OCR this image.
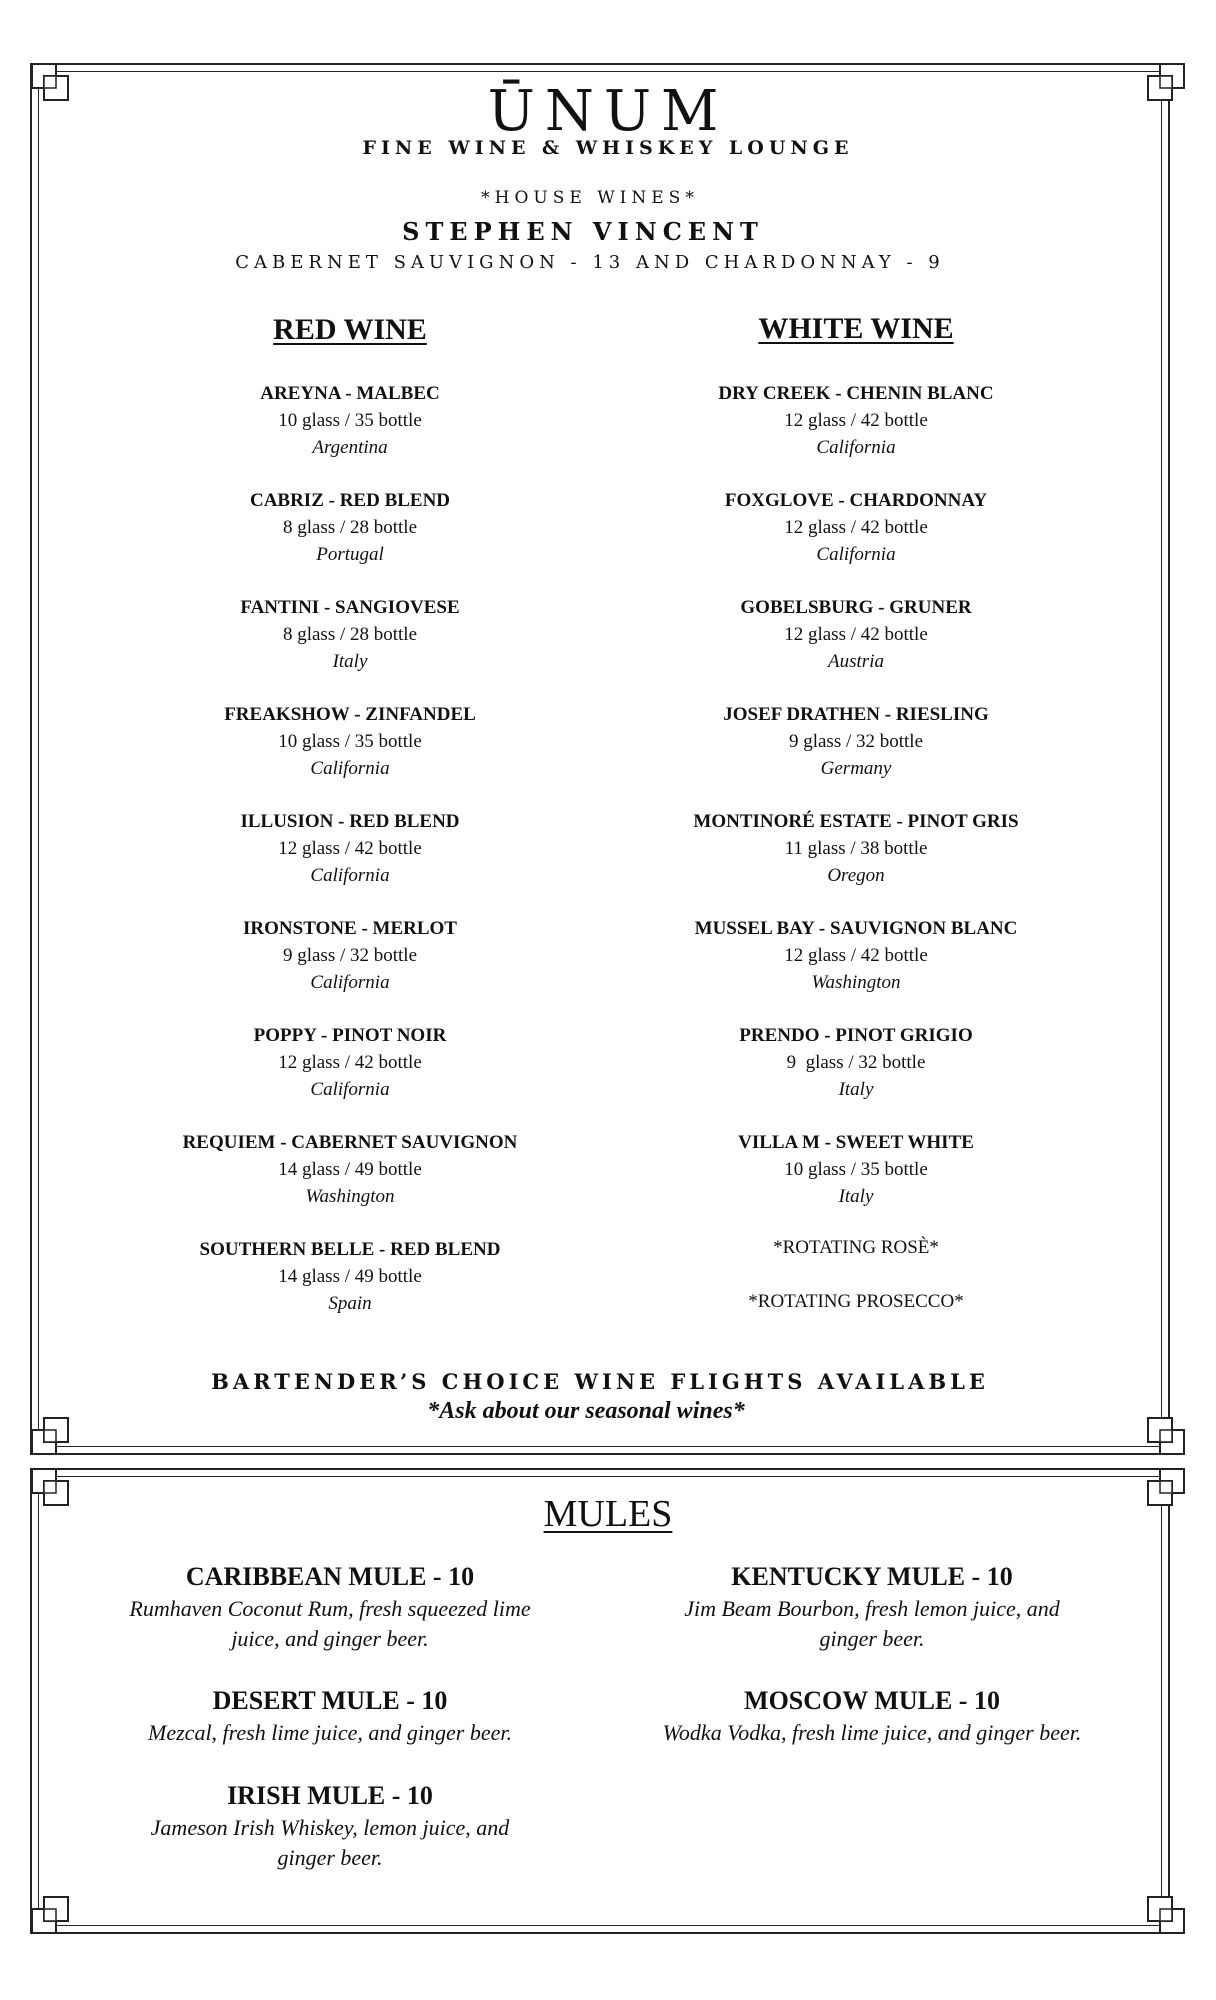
ŪNUM
FINE WINE & WHISKEY LOUNGE
*HOUSE WINES*
STEPHEN VINCENT
CABERNET SAUVIGNON - 13 AND CHARDONNAY - 9
RED WINE	WHITE WINE
AREYNA - MALBEC
10 glass / 35 bottle
Argentina
CABRIZ - RED BLEND
8 glass / 28 bottle
Portugal
FANTINI - SANGIOVESE
8 glass / 28 bottle
Italy
FREAKSHOW - ZINFANDEL
10 glass / 35 bottle
California
ILLUSION - RED BLEND
12 glass / 42 bottle
California
IRONSTONE - MERLOT
9 glass / 32 bottle
California
POPPY - PINOT NOIR
12 glass / 42 bottle
California
REQUIEM - CABERNET SAUVIGNON
14 glass / 49 bottle
Washington
SOUTHERN BELLE - RED BLEND
14 glass / 49 bottle
Spain
DRY CREEK - CHENIN BLANC
12 glass / 42 bottle
California
FOXGLOVE - CHARDONNAY
12 glass / 42 bottle
California
GOBELSBURG - GRUNER
12 glass / 42 bottle
Austria
JOSEF DRATHEN - RIESLING
9 glass / 32 bottle
Germany
MONTINORÉ ESTATE - PINOT GRIS
11 glass / 38 bottle
Oregon
MUSSEL BAY - SAUVIGNON BLANC
12 glass / 42 bottle
Washington
PRENDO - PINOT GRIGIO
9  glass / 32 bottle
Italy
VILLA M - SWEET WHITE
10 glass / 35 bottle
Italy
*ROTATING ROSÈ*
*ROTATING PROSECCO*
BARTENDER’S CHOICE WINE FLIGHTS AVAILABLE
*Ask about our seasonal wines*
MULES
CARIBBEAN MULE - 10
Rumhaven Coconut Rum, fresh squeezed lime juice, and ginger beer.
KENTUCKY MULE - 10
Jim Beam Bourbon, fresh lemon juice, and ginger beer.
DESERT MULE - 10
Mezcal, fresh lime juice, and ginger beer.
MOSCOW MULE - 10
Wodka Vodka, fresh lime juice, and ginger beer.
IRISH MULE - 10
Jameson Irish Whiskey, lemon juice, and ginger beer.
